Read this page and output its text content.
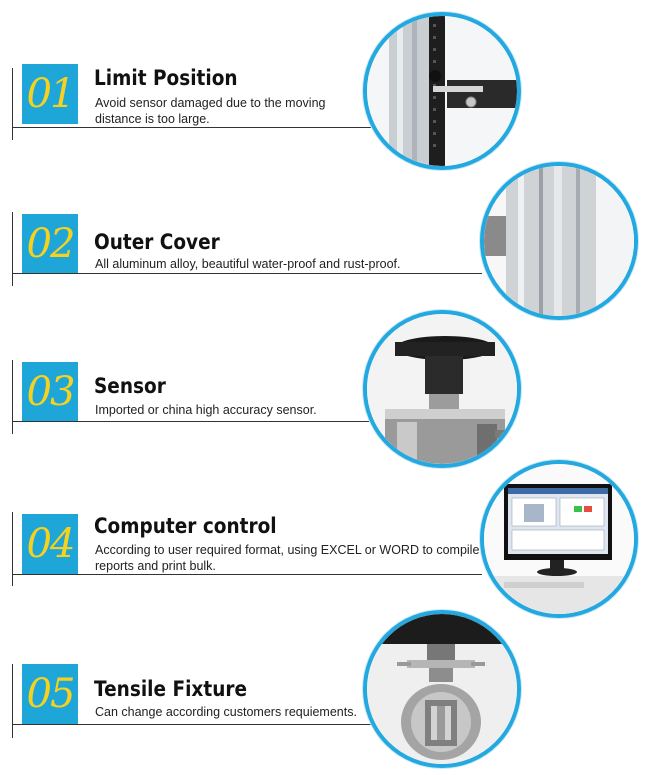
01 Limit Position
Avoid sensor damaged due to the moving
distance is too large.
02 Outer Cover
All aluminum alloy, beautiful water-proof and rust-proof.
03 Sensor
Imported or china high accuracy sensor.
04 Computer control
According to user required format, using EXCEL or WORD to compile
reports and print bulk.
05 Tensile Fixture
Can change according customers requiements.
